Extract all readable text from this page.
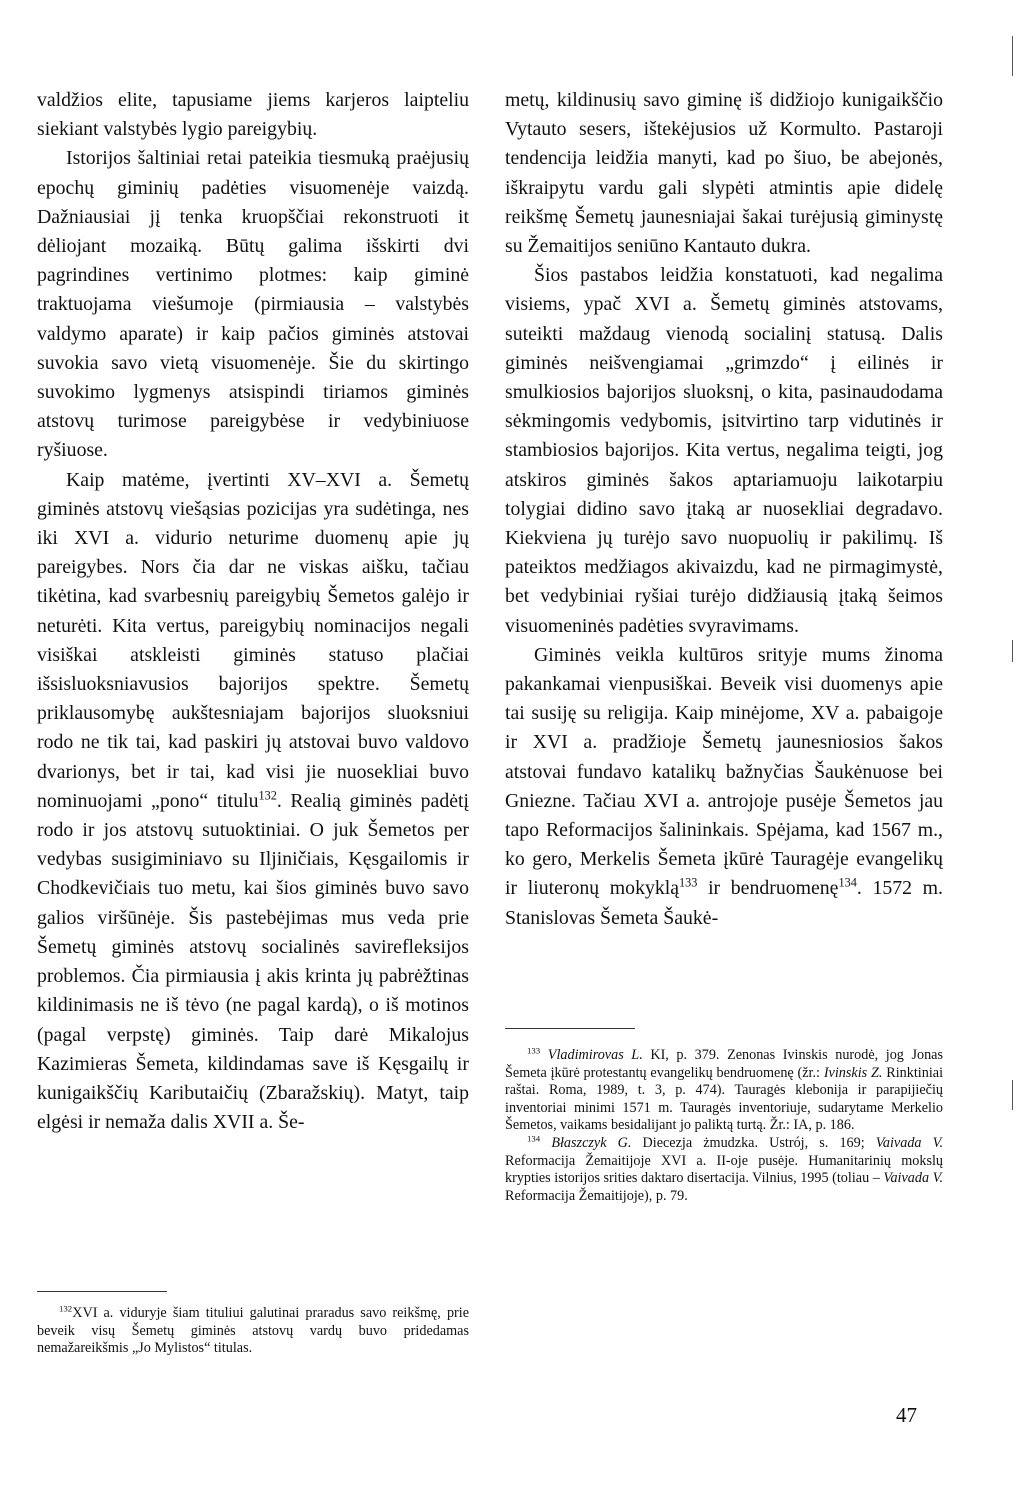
valdžios elite, tapusiame jiems karjeros laipteliu siekiant valstybės lygio pareigybių.

Istorijos šaltiniai retai pateikia tiesmuką praėjusių epochų giminių padėties visuomenėje vaizdą. Dažniausiai jį tenka kruopščiai rekonstruoti it dėliojant mozaiką. Būtų galima išskirti dvi pagrindines vertinimo plotmes: kaip giminė traktuojama viešumoje (pirmiausia – valstybės valdymo aparate) ir kaip pačios giminės atstovai suvokia savo vietą visuomenėje. Šie du skirtingo suvokimo lygmenys atsispindi tiriamos giminės atstovų turimose pareigybėse ir vedybiniuose ryšiuose.

Kaip matėme, įvertinti XV–XVI a. Šemetų giminės atstovų viešąsias pozicijas yra sudėtinga, nes iki XVI a. vidurio neturime duomenų apie jų pareigybes. Nors čia dar ne viskas aišku, tačiau tikėtina, kad svarbesnių pareigybių Šemetos galėjo ir neturėti. Kita vertus, pareigybių nominacijos negali visiškai atskleisti giminės statuso plačiai išsisluoksniavusios bajorijos spektre. Šemetų priklausomybę aukštesniajam bajorijos sluoksniui rodo ne tik tai, kad paskiri jų atstovai buvo valdovo dvarionys, bet ir tai, kad visi jie nuosekliai buvo nominuojami „pono“ titulu$^{132}$. Realią giminės padėtį rodo ir jos atstovų sutuoktiniai. O juk Šemetos per vedybas susigiminiavo su Iljiničiais, Kęsgailomis ir Chodkevičiais tuo metu, kai šios giminės buvo savo galios viršūnėje. Šis pastebėjimas mus veda prie Šemetų giminės atstovų socialinės savirefleksijos problemos. Čia pirmiausia į akis krinta jų pabrėžtinas kildinimasis ne iš tėvo (ne pagal kardą), o iš motinos (pagal verpstę) giminės. Taip darė Mikalojus Kazimieras Šemeta, kildindamas save iš Kęsgailų ir kunigaikščių Kaributaičių (Zbaražskių). Matyt, taip elgėsi ir nemaža dalis XVII a. Še-

$^{132}$XVI a. viduryje šiam tituliui galutinai praradus savo reikšmę, prie beveik visų Šemetų giminės atstovų vardų buvo pridedamas nemažareikšmis „Jo Mylistos“ titulas.

metų, kildinusių savo giminę iš didžiojo kunigaikščio Vytauto sesers, ištekėjusios už Kormulto. Pastaroji tendencija leidžia manyti, kad po šiuo, be abejonės, iškraipytu vardu gali slypėti atmintis apie didelę reikšmę Šemetų jaunesniajai šakai turėjusią giminystę su Žemaitijos seniūno Kantauto dukra.

Šios pastabos leidžia konstatuoti, kad negalima visiems, ypač XVI a. Šemetų giminės atstovams, suteikti maždaug vienodą socialinį statusą. Dalis giminės neišvengiamai „grimzdo“ į eilinės ir smulkiosios bajorijos sluoksnį, o kita, pasinaudodama sėkmingomis vedybomis, įsitvirtino tarp vidutinės ir stambiosios bajorijos. Kita vertus, negalima teigti, jog atskiros giminės šakos aptariamuoju laikotarpiu tolygiai didino savo įtaką ar nuosekliai degradavo. Kiekviena jų turėjo savo nuopuolių ir pakilimų. Iš pateiktos medžiagos akivaizdu, kad ne pirmagimystė, bet vedybiniai ryšiai turėjo didžiausią įtaką šeimos visuomeninės padėties svyravimams.

Giminės veikla kultūros srityje mums žinoma pakankamai vienpusiškai. Beveik visi duomenys apie tai susiję su religija. Kaip minėjome, XV a. pabaigoje ir XVI a. pradžioje Šemetų jaunesniosios šakos atstovai fundavo katalikų bažnyčias Šaukėnuose bei Gniezne. Tačiau XVI a. antrojoje pusėje Šemetos jau tapo Reformacijos šalininkais. Spėjama, kad 1567 m., ko gero, Merkelis Šemeta įkūrė Tauragėje evangelikų ir liuteronų mokyklą$^{133}$ ir bendruomenę$^{134}$. 1572 m. Stanislovas Šemeta Šaukė-

$^{133}$ Vladimirovas L. KI, p. 379. Zenonas Ivinskis nurodė, jog Jonas Šemeta įkūrė protestantų evangelikų bendruomenę (žr.: Ivinskis Z. Rinktiniai raštai. Roma, 1989, t. 3, p. 474). Tauragės klebonija ir parapijiečių inventoriai minimi 1571 m. Tauragės inventoriuje, sudarytame Merkelio Šemetos, vaikams besidalijant jo paliktą turtą. Žr.: IA, p. 186.

$^{134}$ Błaszczyk G. Diecezja żmudzka. Ustrój, s. 169; Vaivada V. Reformacija Žemaitijoje XVI a. II-oje pusėje. Humanitarinių mokslų krypties istorijos srities daktaro disertacija. Vilnius, 1995 (toliau – Vaivada V. Reformacija Žemaitijoje), p. 79.

47
